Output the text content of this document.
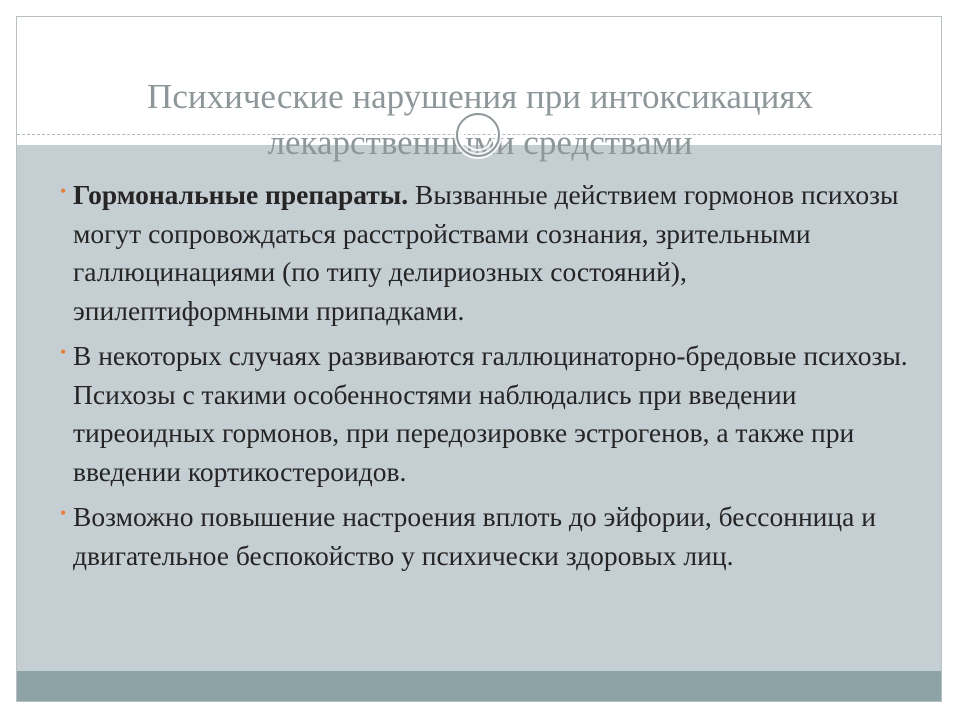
Психические нарушения при интоксикациях лекарственными средствами

• Гормональные препараты. Вызванные действием гормонов психозы могут сопровождаться расстройствами сознания, зрительными галлюцинациями (по типу делириозных состояний), эпилептиформными припадками.

• В некоторых случаях развиваются галлюцинаторно-бредовые психозы. Психозы с такими особенностями наблюдались при введении тиреоидных гормонов, при передозировке эстрогенов, а также при введении кортикостероидов.

• Возможно повышение настроения вплоть до эйфории, бессонница и двигательное беспокойство у психически здоровых лиц.
